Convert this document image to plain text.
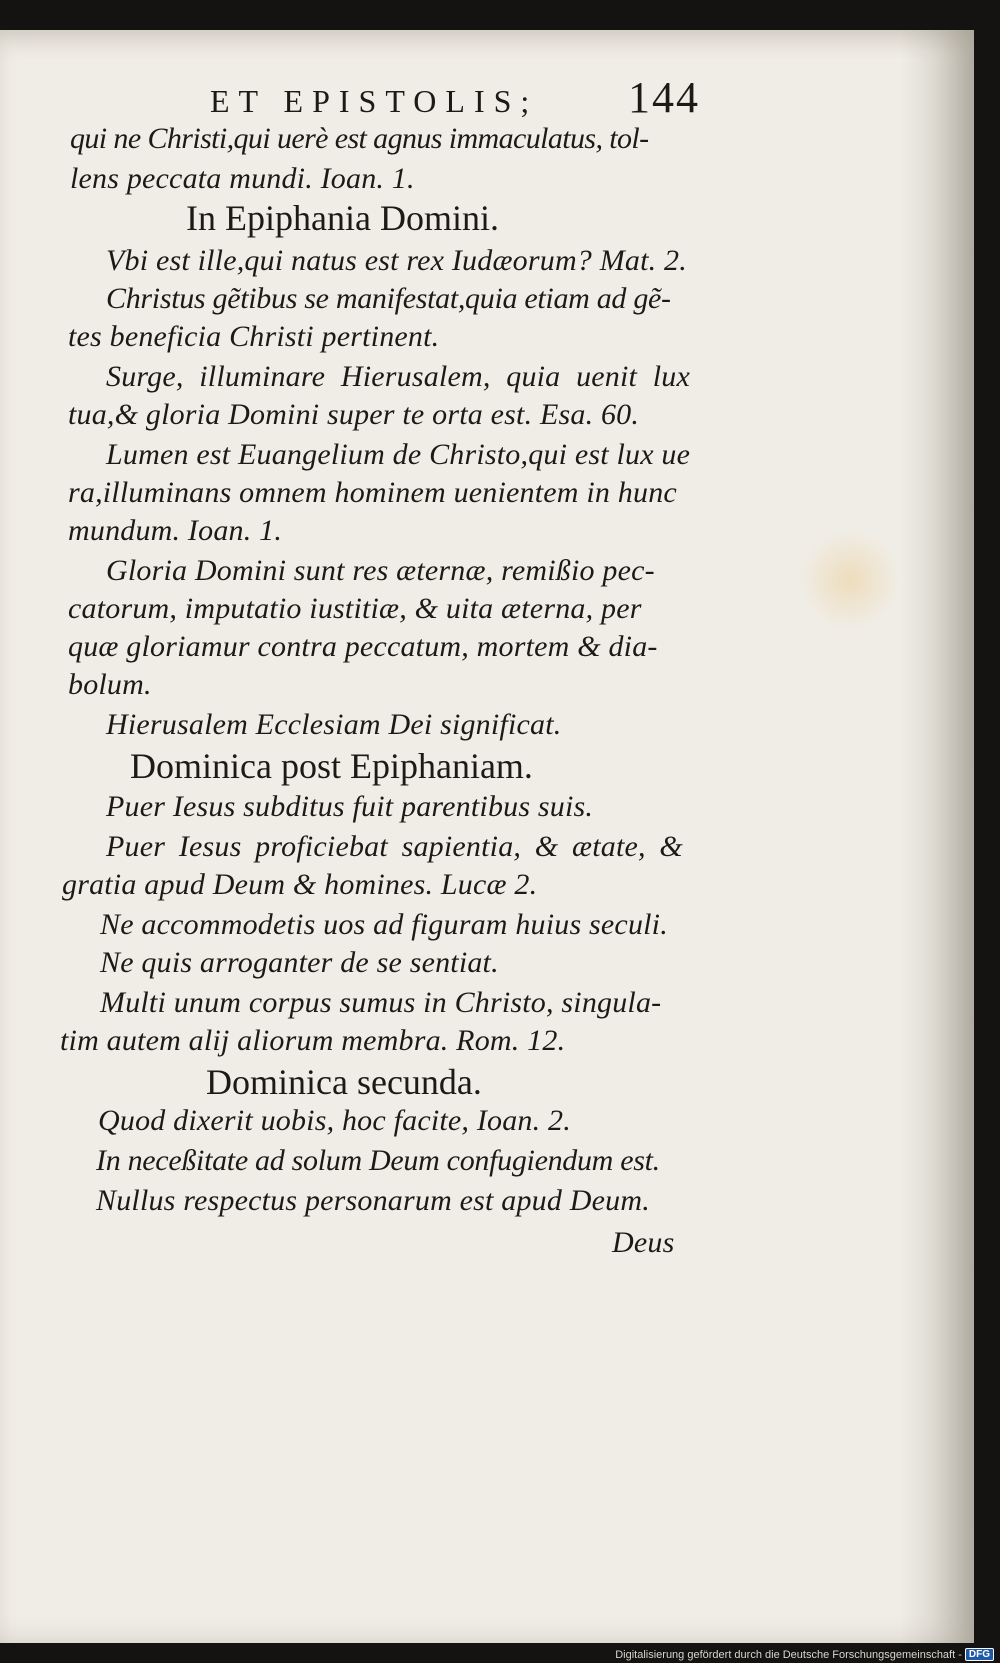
ET EPISTOLIS; 144
qui ne Christi,qui uerè est agnus immaculatus, tol-
lens peccata mundi. Ioan. 1.
In Epiphania Domini.
Vbi est ille,qui natus est rex Iudæorum? Mat. 2.
Christus gẽtibus se manifestat,quia etiam ad gẽ-
tes beneficia Christi pertinent.
Surge, illuminare Hierusalem, quia uenit lux
tua,& gloria Domini super te orta est. Esa. 60.
Lumen est Euangelium de Christo,qui est lux ue
ra,illuminans omnem hominem uenientem in hunc
mundum. Ioan. 1.
Gloria Domini sunt res æternæ, remißio pec-
catorum, imputatio iustitiæ, & uita æterna, per
quæ gloriamur contra peccatum, mortem & dia-
bolum.
Hierusalem Ecclesiam Dei significat.
Dominica post Epiphaniam.
Puer Iesus subditus fuit parentibus suis.
Puer Iesus proficiebat sapientia, & ætate, &
gratia apud Deum & homines. Lucæ 2.
Ne accommodetis uos ad figuram huius seculi.
Ne quis arroganter de se sentiat.
Multi unum corpus sumus in Christo, singula-
tim autem alij aliorum membra. Rom. 12.
Dominica secunda.
Quod dixerit uobis, hoc facite, Ioan. 2.
In neceßitate ad solum Deum confugiendum est.
Nullus respectus personarum est apud Deum.
Deus
Digitalisierung gefördert durch die Deutsche Forschungsgemeinschaft - DFG
